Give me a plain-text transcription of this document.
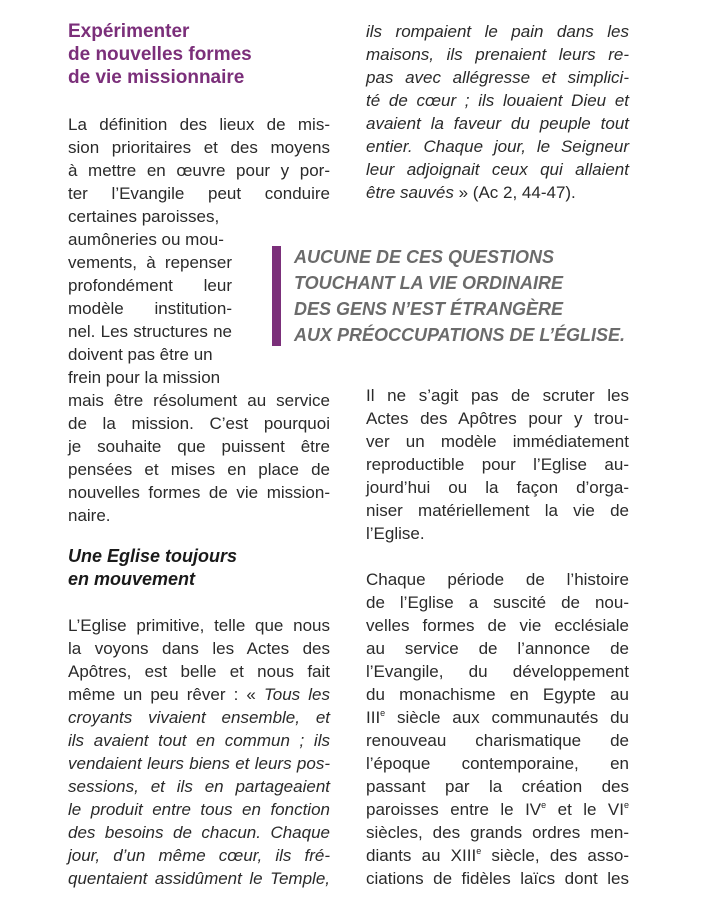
Expérimenter
de nouvelles formes
de vie missionnaire
La définition des lieux de mis-
sion prioritaires et des moyens
à mettre en œuvre pour y por-
ter l’Evangile peut conduire
certaines paroisses,
aumôneries ou mou-
vements, à repenser
profondément leur
modèle institution-
nel. Les structures ne
doivent pas être un
frein pour la mission
mais être résolument au service
de la mission. C’est pourquoi
je souhaite que puissent être
pensées et mises en place de
nouvelles formes de vie mission-
naire.
Une Eglise toujours
en mouvement
L’Eglise primitive, telle que nous
la voyons dans les Actes des
Apôtres, est belle et nous fait
même un peu rêver : « Tous les
croyants vivaient ensemble, et
ils avaient tout en commun ; ils
vendaient leurs biens et leurs pos-
sessions, et ils en partageaient
le produit entre tous en fonction
des besoins de chacun. Chaque
jour, d’un même cœur, ils fré-
quentaient assidûment le Temple,
ils rompaient le pain dans les
maisons, ils prenaient leurs re-
pas avec allégresse et simplici-
té de cœur ; ils louaient Dieu et
avaient la faveur du peuple tout
entier. Chaque jour, le Seigneur
leur adjoignait ceux qui allaient
être sauvés » (Ac 2, 44-47).
Il ne s’agit pas de scruter les
Actes des Apôtres pour y trou-
ver un modèle immédiatement
reproductible pour l’Eglise au-
jourd’hui ou la façon d’orga-
niser matériellement la vie de
l’Eglise.
Chaque période de l’histoire
de l’Eglise a suscité de nou-
velles formes de vie ecclésiale
au service de l’annonce de
l’Evangile, du développement
du monachisme en Egypte au
IIIe siècle aux communautés du
renouveau charismatique de
l’époque contemporaine, en
passant par la création des
paroisses entre le IVe et le VIe
siècles, des grands ordres men-
diants au XIIIe siècle, des asso-
ciations de fidèles laïcs dont les
AUCUNE DE CES QUESTIONS
TOUCHANT LA VIE ORDINAIRE
DES GENS N’EST ÉTRANGÈRE
AUX PRÉOCCUPATIONS DE L’ÉGLISE.
